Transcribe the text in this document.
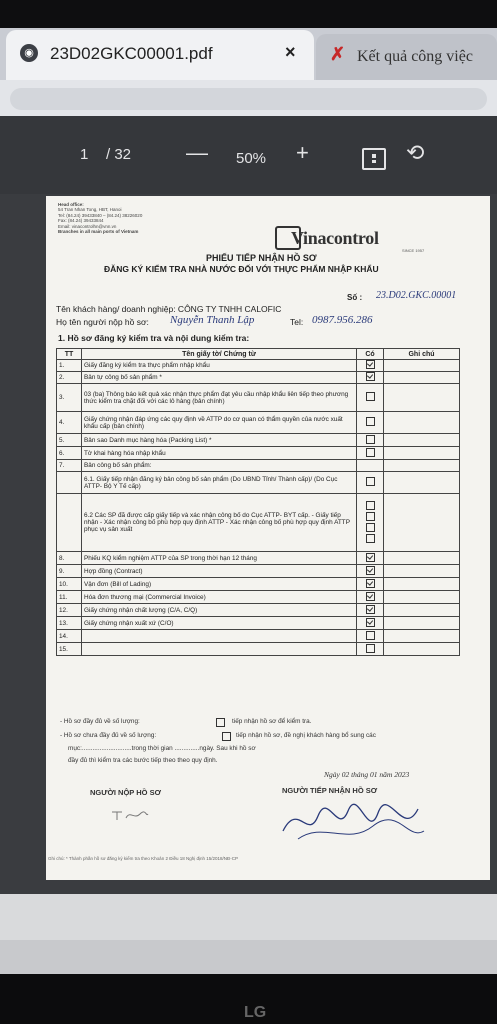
◉ 23D02GKC00001.pdf	× ✗ Kết quả công việc
1 / 32 — 50% +	⟲
Head office:
54 Tran Nhan Tong, HBT, Hanoi
Tel: (84.24) 39433840 – (84.24) 38226020
Fax: (84.24) 39433844
Email: vinacontrolhn@vnn.vn
Branches in all main ports of Vietnam	Vinacontrol
SINCE 1957
PHIẾU TIẾP NHẬN HỒ SƠ
ĐĂNG KÝ KIỂM TRA NHÀ NƯỚC ĐỐI VỚI THỰC PHẨM NHẬP KHẨU
Số : 23.D02.GKC.00001
Tên khách hàng/ doanh nghiệp: CÔNG TY TNHH CALOFIC
Họ tên người nộp hồ sơ: Nguyễn Thanh Lập	Tel: 0987.956.286
1. Hồ sơ đăng ký kiểm tra và nội dung kiểm tra:
TT	Tên giấy tờ/ Chứng từ	Có	Ghi chú
1.	Giấy đăng ký kiểm tra thực phẩm nhập khẩu		
2.	Bản tự công bố sản phẩm *		
3.	03 (ba) Thông báo kết quả xác nhận thực phẩm đạt yêu cầu nhập khẩu liên tiếp theo phương thức kiểm tra chặt đối với các lô hàng (bản chính)		
4.	Giấy chứng nhận đáp ứng các quy định về ATTP do cơ quan có thẩm quyền của nước xuất khẩu cấp (bản chính)		
5.	Bản sao Danh mục hàng hóa (Packing List) *		
6.	Tờ khai hàng hóa nhập khẩu		
7.	Bản công bố sản phẩm:		
	6.1. Giấy tiếp nhận đăng ký bản công bố sản phẩm (Do UBND Tỉnh/ Thành cấp)/ (Do Cục ATTP- Bộ Y Tế cấp)		
	6.2 Các SP đã được cấp giấy tiếp và xác nhận công bố do Cục ATTP- BYT cấp. - Giấy tiếp nhận - Xác nhận công bố phù hợp quy định ATTP - Xác nhận công bố phù hợp quy định ATTP phục vụ sản xuất	

8.	Phiếu KQ kiểm nghiệm ATTP của SP trong thời hạn 12 tháng		
9.	Hợp đồng (Contract)		
10.	Vận đơn (Bill of Lading)		
11.	Hóa đơn thương mại (Commercial Invoice)		
12.	Giấy chứng nhận chất lượng (C/A, C/Q)		
13.	Giấy chứng nhận xuất xứ (C/O)		
14.			
15.			
- Hồ sơ đầy đủ về số lượng:	tiếp nhận hồ sơ để kiểm tra.
- Hồ sơ chưa đầy đủ về số lượng:	tiếp nhận hồ sơ, đề nghị khách hàng bổ sung các
mục:............................trong thời gian ..............ngày. Sau khi hồ sơ
đầy đủ thì kiểm tra các bước tiếp theo theo quy định.
Ngày 02 tháng 01 năm 2023
NGƯỜI NỘP HỒ SƠ	NGƯỜI TIẾP NHẬN HỒ SƠ
Ghi chú: * Thành phần hồ sơ đăng ký kiểm tra theo Khoản 2 Điều 18 Nghị định 15/2018/NĐ-CP
LG
